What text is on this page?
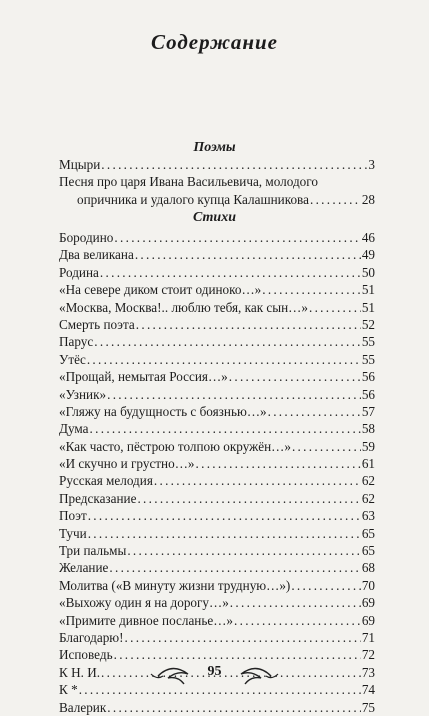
Содержание
Поэмы
Мцыри . . .	3
Песня про царя Ивана Васильевича, молодого
опричника и удалого купца Калашникова . . .	28
Стихи
Бородино . . .	46
Два великана . . .	49
Родина . . .	50
«На севере диком стоит одиноко…» . . .	51
«Москва, Москва!.. люблю тебя, как сын…» . . .	51
Смерть поэта . . .	52
Парус . . .	55
Утёс . . .	55
«Прощай, немытая Россия…» . . .	56
«Узник» . . .	56
«Гляжу на будущность с боязнью…» . . .	57
Дума . . .	58
«Как часто, пёстрою толпою окружён…» . . .	59
«И скучно и грустно…» . . .	61
Русская мелодия . . .	62
Предсказание . . .	62
Поэт . . .	63
Тучи . . .	65
Три пальмы . . .	65
Желание . . .	68
Молитва («В минуту жизни трудную…») . . .	70
«Выхожу один я на дорогу…» . . .	69
«Примите дивное посланье…» . . .	69
Благодарю! . . .	71
Исповедь . . .	72
К Н. И. . . .	73
К * . . .	74
Валерик . . .	75
95
